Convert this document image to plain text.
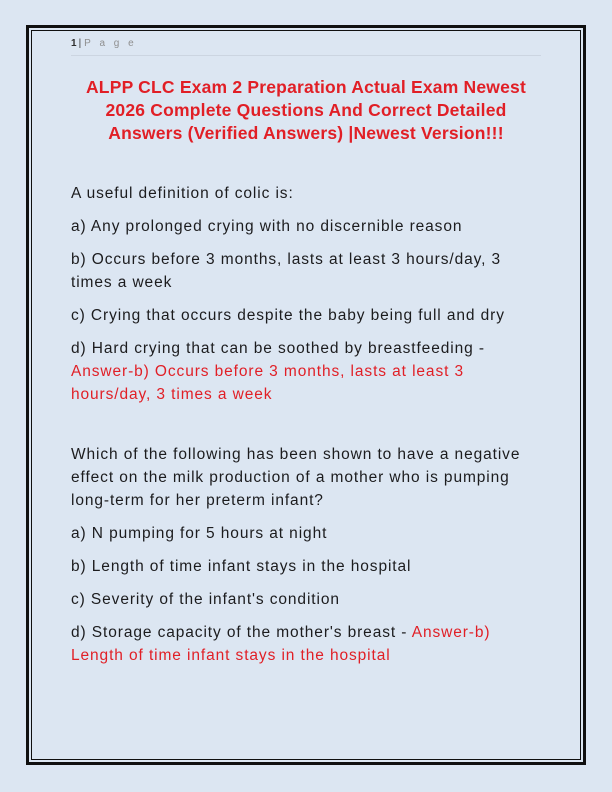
1 | P a g e
ALPP CLC Exam 2 Preparation Actual Exam Newest 2026 Complete Questions And Correct Detailed Answers (Verified Answers) |Newest Version!!!

A useful definition of colic is:

a) Any prolonged crying with no discernible reason

b) Occurs before 3 months, lasts at least 3 hours/day, 3 times a week

c) Crying that occurs despite the baby being full and dry

d) Hard crying that can be soothed by breastfeeding - Answer-b) Occurs before 3 months, lasts at least 3 hours/day, 3 times a week

Which of the following has been shown to have a negative effect on the milk production of a mother who is pumping long-term for her preterm infant?

a) N pumping for 5 hours at night

b) Length of time infant stays in the hospital

c) Severity of the infant's condition

d) Storage capacity of the mother's breast - Answer-b) Length of time infant stays in the hospital
